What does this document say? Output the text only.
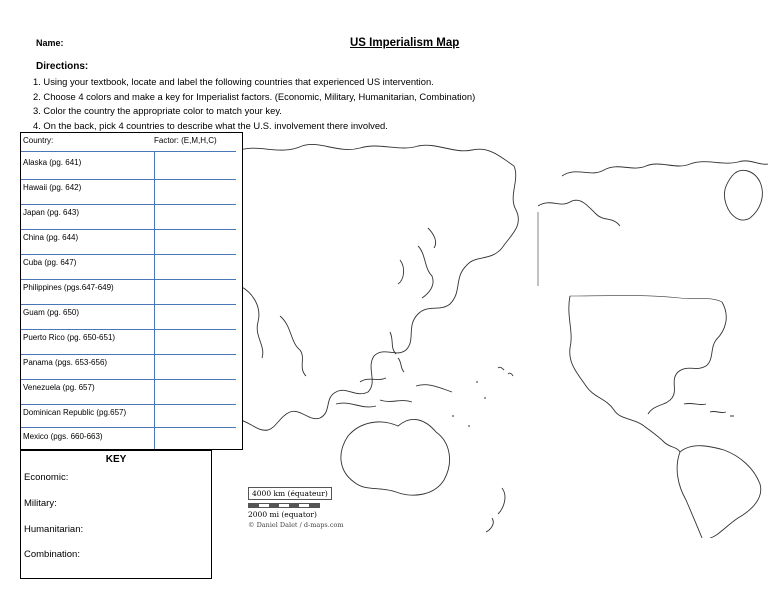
Name:	US Imperialism Map
Directions:
1. Using your textbook, locate and label the following countries that experienced US intervention.
2. Choose 4 colors and make a key for Imperialist factors. (Economic, Military, Humanitarian, Combination)
3. Color the country the appropriate color to match your key.
4. On the back, pick 4 countries to describe what the U.S. involvement there involved.
4000 km (équateur)
2000 mi (equator)
© Daniel Dalet / d-maps.com
Country:	Factor: (E,M,H,C)
Alaska (pg. 641)
Hawaii (pg. 642)
Japan (pg. 643)
China (pg. 644)
Cuba (pg. 647)
Philippines (pgs.647-649)
Guam (pg. 650)
Puerto Rico (pg. 650-651)
Panama (pgs. 653-656)
Venezuela (pg. 657)
Dominican Republic (pg.657)
Mexico (pgs. 660-663)
KEY
Economic:
Military:
Humanitarian:
Combination:
